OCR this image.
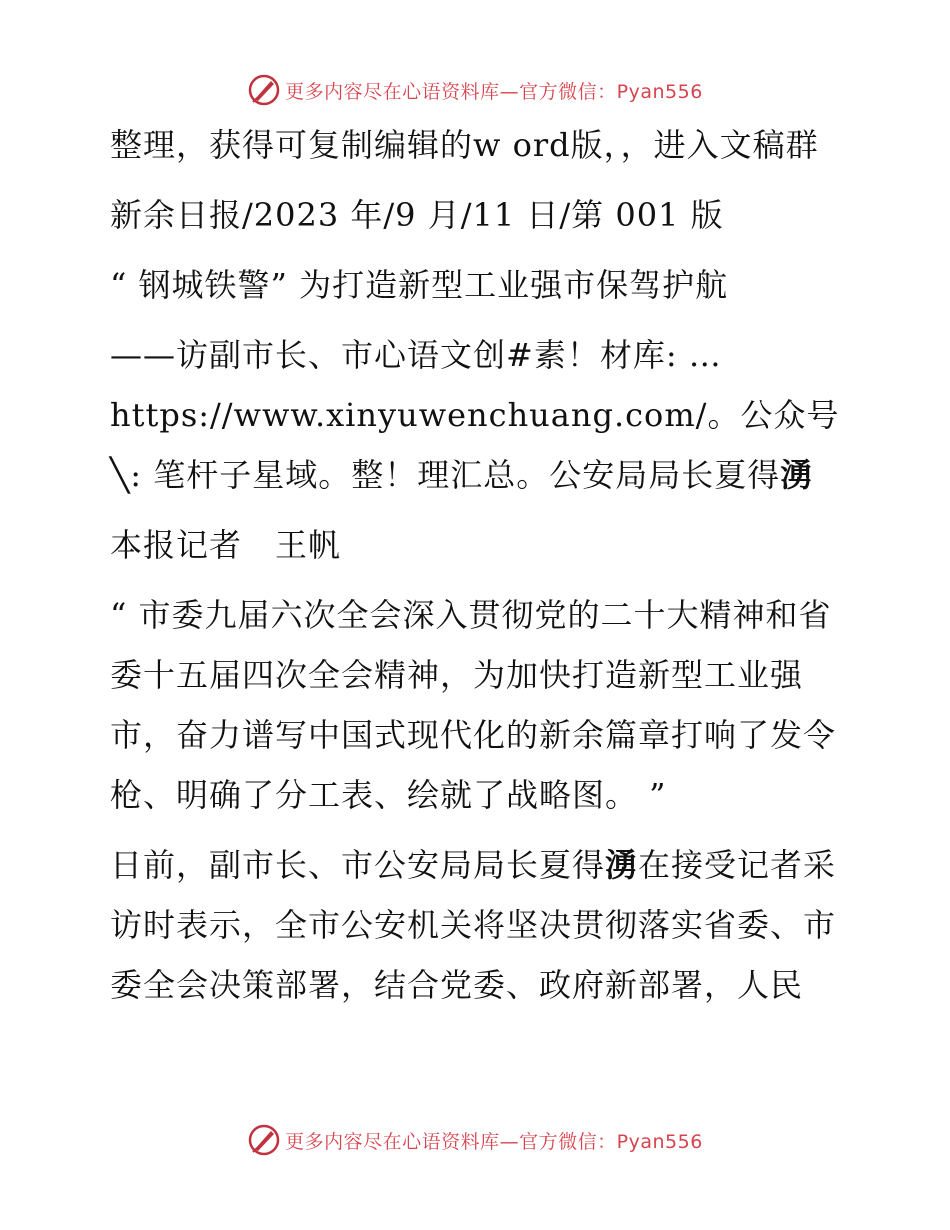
更多内容尽在心语资料库—官方微信：Pyan556

整理，获得可复制编辑的w ord版，，进入文稿群

新余日报/2023 年/9 月/11 日/第 001 版

“ 钢城铁警” 为打造新型工业强市保驾护航

——访副市长、市心语文创#素！材库: … https://www.xinyuwenchuang.com/。公众号╲: 笔杆子星域。整！理汇总。公安局局长夏得湧

本报记者　王帆

“ 市委九届六次全会深入贯彻党的二十大精神和省委十五届四次全会精神，为加快打造新型工业强市，奋力谱写中国式现代化的新余篇章打响了发令枪、明确了分工表、绘就了战略图。 ”

日前，副市长、市公安局局长夏得湧在接受记者采访时表示，全市公安机关将坚决贯彻落实省委、市委全会决策部署，结合党委、政府新部署，人民

更多内容尽在心语资料库—官方微信：Pyan556
